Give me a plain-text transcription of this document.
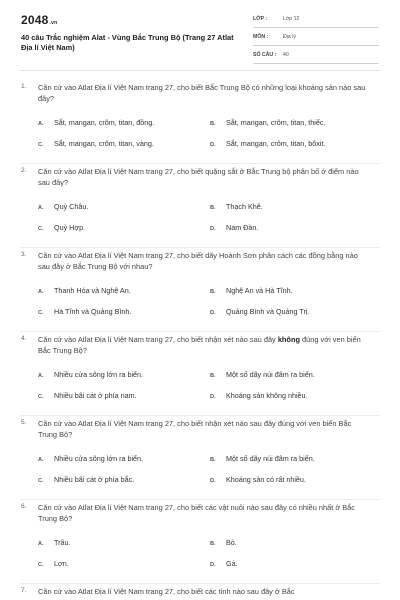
2048.vn
40 câu Trắc nghiệm Alat - Vùng Bắc Trung Bộ (Trang 27 Atlat Địa lí Việt Nam)
LỚP :	Lớp 12
MÔN :	Địa lý
SỐ CÂU : 40
1. Căn cứ vào Atlat Địa lí Việt Nam trang 27, cho biết Bắc Trung Bộ có những loại khoáng sản nào sau đây?
A. Sắt, mangan, crôm, titan, đồng.	B. Sắt, mangan, crôm, titan, thiếc.
C. Sắt, mangan, crôm, titan, vàng.	D. Sắt, mangan, crôm, titan, bôxit.
2. Căn cứ vào Atlat Địa lí Việt Nam trang 27, cho biết quặng sắt ở Bắc Trung bộ phân bố ở điểm nào sau đây?
A. Quỳ Châu.	B. Thạch Khê.
C. Quỳ Hợp.	D. Nam Đàn.
3. Căn cứ vào Atlat Địa lí Việt Nam trang 27, cho biết dãy Hoành Sơn phân cách các đồng bằng nào sau đây ở Bắc Trung Bộ với nhau?
A. Thanh Hóa và Nghệ An.	B. Nghệ An và Hà Tĩnh.
C. Hà Tĩnh và Quảng Bình.	D. Quảng Bình và Quảng Trị.
4. Căn cứ vào Atlat Địa lí Việt Nam trang 27, cho biết nhận xét nào sau đây không đúng với ven biển Bắc Trung Bộ?
A. Nhiều cửa sông lớn ra biển.	B. Một số dãy núi đâm ra biển.
C. Nhiều bãi cát ở phía nam.	D. Khoáng sản không nhiều.
5. Căn cứ vào Atlat Địa lí Việt Nam trang 27, cho biết nhận xét nào sau đây đúng với ven biển Bắc Trung Bộ?
A. Nhiều cửa sông lớn ra biển.	B. Một số dãy núi đâm ra biển.
C. Nhiều bãi cát ở phía bắc.	D. Khoáng sản có rất nhiều.
6. Căn cứ vào Atlat Địa lí Việt Nam trang 27, cho biết các vật nuôi nào sau đây có nhiều nhất ở Bắc Trung Bộ?
A. Trâu.	B. Bò.
C. Lợn.	D. Gà.
7. Căn cứ vào Atlat Địa lí Việt Nam trang 27, cho biết các tỉnh nào sau đây ở Bắc
